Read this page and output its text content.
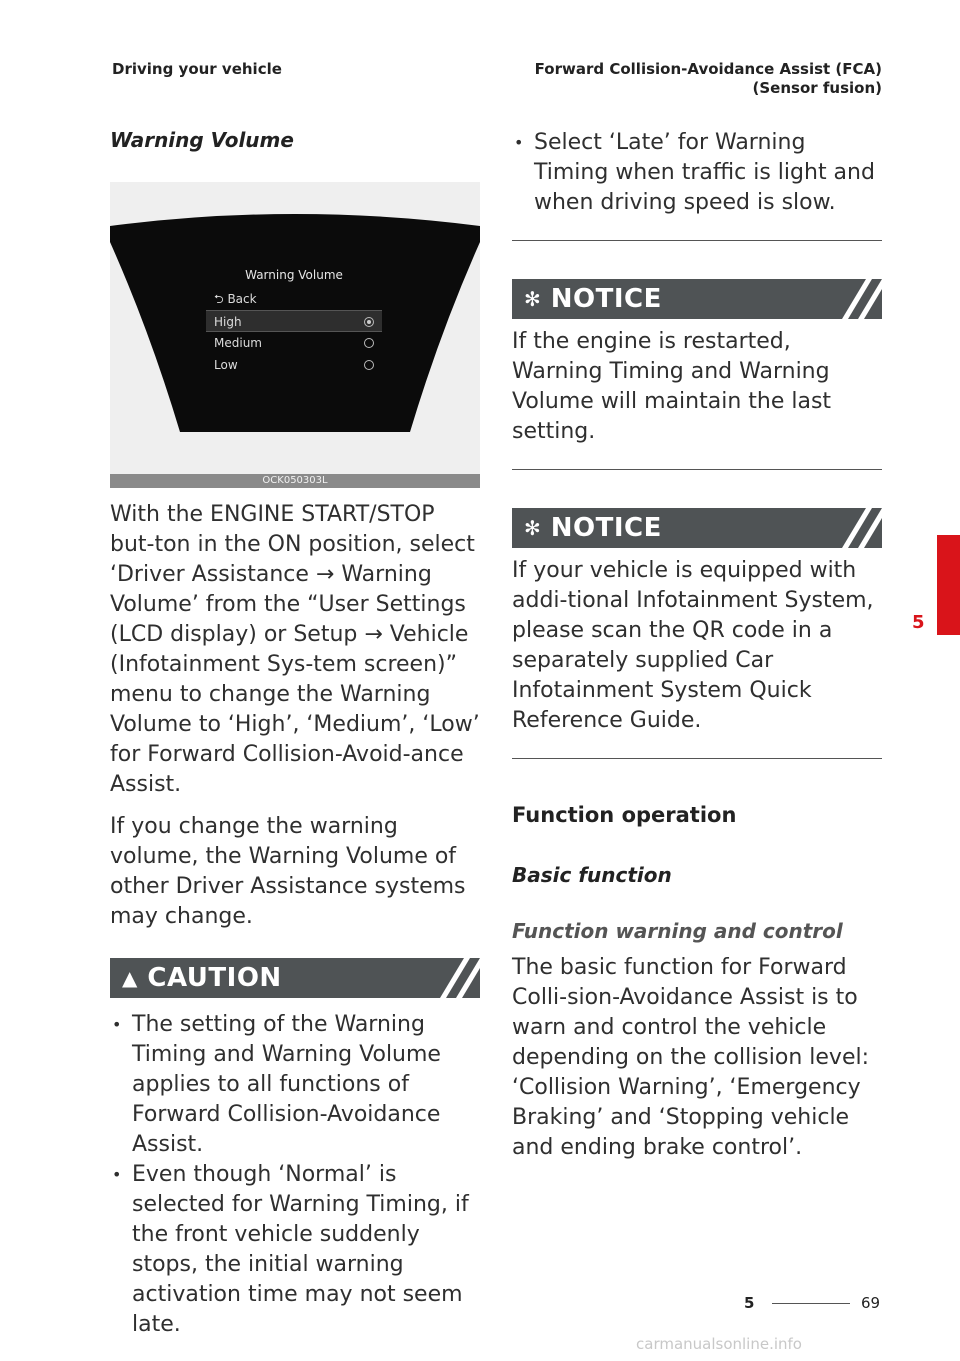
Driving your vehicle	Forward Collision-Avoidance Assist (FCA)
(Sensor fusion)
Warning Volume
Warning Volume
⮌ Back
High
Medium
Low
OCK050303L
With the ENGINE START/STOP but-ton in the ON position, select ‘Driver Assistance → Warning Volume’ from the “User Settings (LCD display) or Setup → Vehicle (Infotainment Sys-tem screen)” menu to change the Warning Volume to ‘High’, ‘Medium’, ‘Low’ for Forward Collision-Avoid-ance Assist.
If you change the warning volume, the Warning Volume of other Driver Assistance systems may change.
▲ CAUTION
• The setting of the Warning Timing and Warning Volume applies to all functions of Forward Collision-Avoidance Assist.
• Even though ‘Normal’ is selected for Warning Timing, if the front vehicle suddenly stops, the initial warning activation time may not seem late.
• Select ‘Late’ for Warning Timing when traffic is light and when driving speed is slow.
✻ NOTICE
If the engine is restarted, Warning Timing and Warning Volume will maintain the last setting.
✻ NOTICE
If your vehicle is equipped with addi-tional Infotainment System, please scan the QR code in a separately supplied Car Infotainment System Quick Reference Guide.
Function operation
Basic function
Function warning and control
The basic function for Forward Colli-sion-Avoidance Assist is to warn and control the vehicle depending on the collision level: ‘Collision Warning’, ‘Emergency Braking’ and ‘Stopping vehicle and ending brake control’.
5
5	69
carmanualsonline.info
